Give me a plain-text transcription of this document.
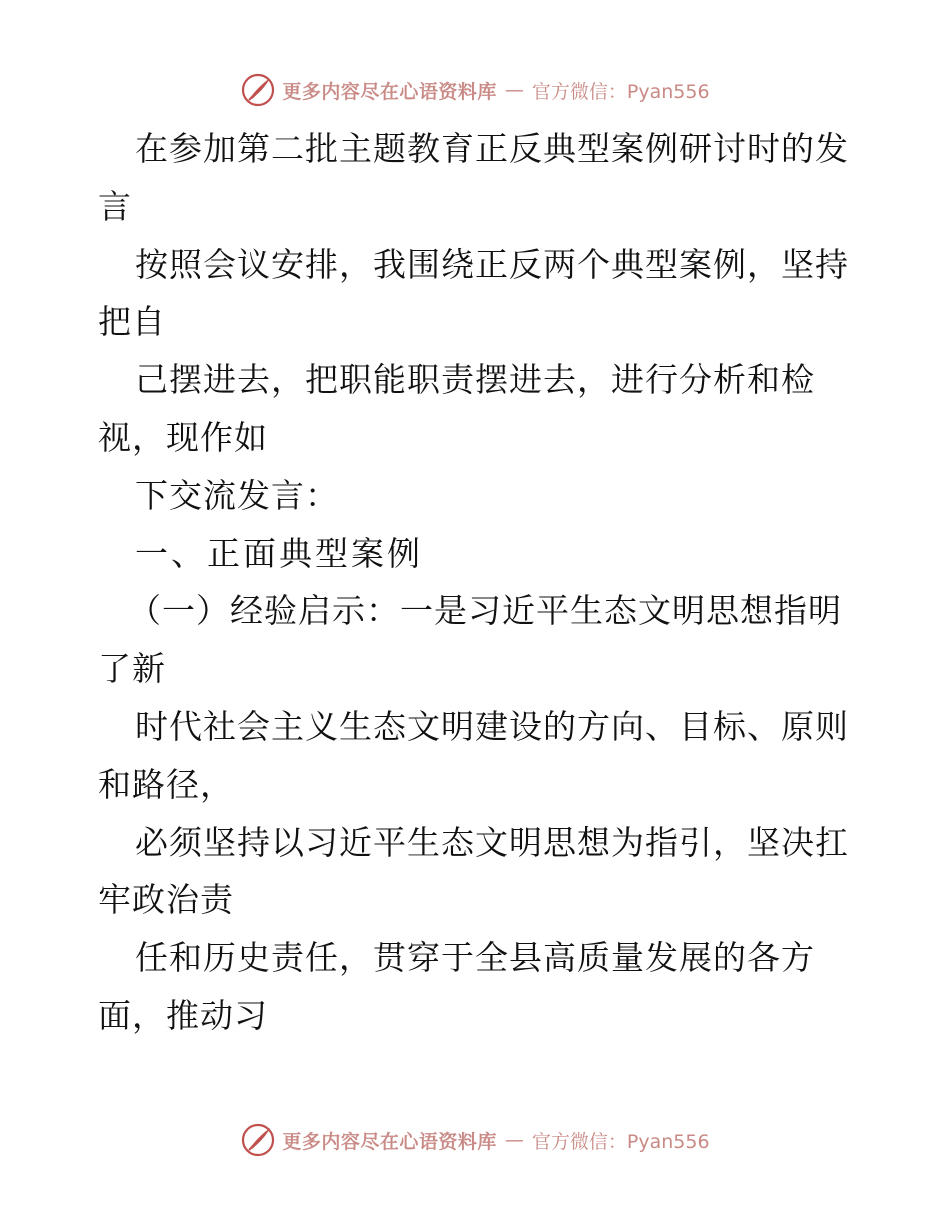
更多内容尽在心语资料库 — 官方微信：Pyan556
在参加第二批主题教育正反典型案例研讨时的发
言
按照会议安排，我围绕正反两个典型案例，坚持
把自
己摆进去，把职能职责摆进去，进行分析和检
视，现作如
下交流发言：
一、正面典型案例
（一）经验启示：一是习近平生态文明思想指明
了新
时代社会主义生态文明建设的方向、目标、原则
和路径，
必须坚持以习近平生态文明思想为指引，坚决扛
牢政治责
任和历史责任，贯穿于全县高质量发展的各方
面，推动习
更多内容尽在心语资料库 — 官方微信：Pyan556
